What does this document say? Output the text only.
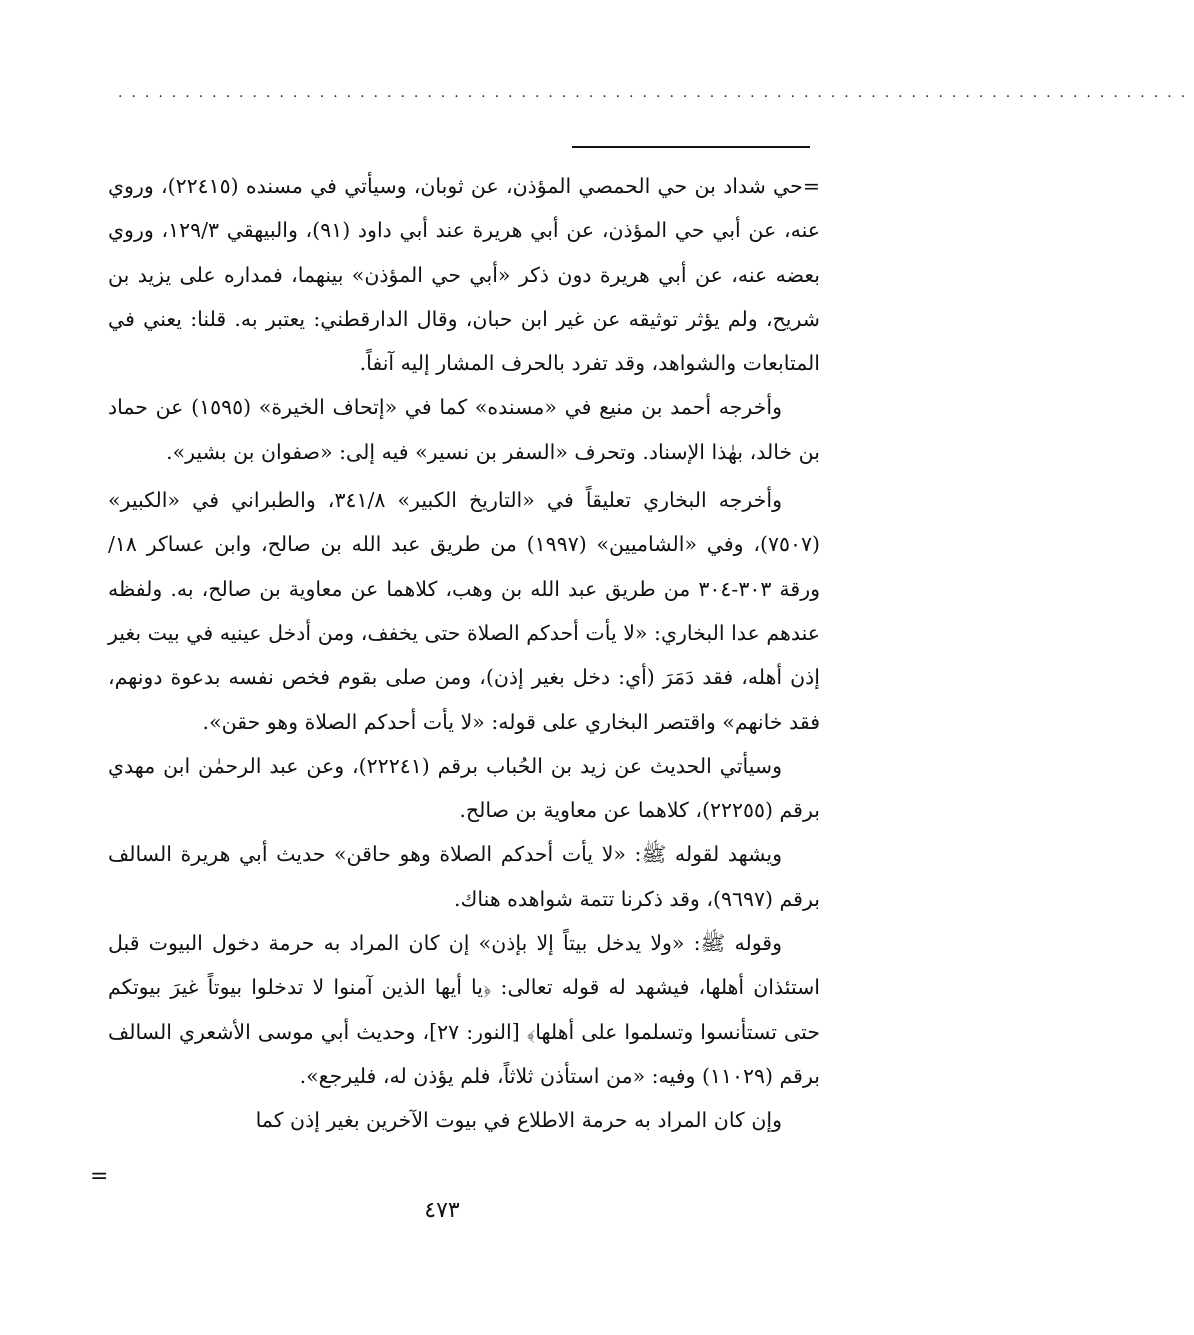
................................................................................

=حي شداد بن حي الحمصي المؤذن، عن ثوبان، وسيأتي في مسنده (٢٢٤١٥)، وروي عنه، عن أبي حي المؤذن، عن أبي هريرة عند أبي داود (٩١)، والبيهقي ١٢٩/٣، وروي بعضه عنه، عن أبي هريرة دون ذكر «أبي حي المؤذن» بينهما، فمداره على يزيد بن شريح، ولم يؤثر توثيقه عن غير ابن حبان، وقال الدارقطني: يعتبر به. قلنا: يعني في المتابعات والشواهد، وقد تفرد بالحرف المشار إليه آنفاً.

وأخرجه أحمد بن منيع في «مسنده» كما في «إتحاف الخيرة» (١٥٩٥) عن حماد بن خالد، بهٰذا الإسناد. وتحرف «السفر بن نسير» فيه إلى: «صفوان بن بشير».

وأخرجه البخاري تعليقاً في «التاريخ الكبير» ٣٤١/٨، والطبراني في «الكبير» (٧٥٠٧)، وفي «الشاميين» (١٩٩٧) من طريق عبد الله بن صالح، وابن عساكر ١٨/ورقة ٣٠٣-٣٠٤ من طريق عبد الله بن وهب، كلاهما عن معاوية بن صالح، به. ولفظه عندهم عدا البخاري: «لا يأت أحدكم الصلاة حتى يخفف، ومن أدخل عينيه في بيت بغير إذن أهله، فقد دَمَرَ (أي: دخل بغير إذن)، ومن صلى بقوم فخص نفسه بدعوة دونهم، فقد خانهم» واقتصر البخاري على قوله: «لا يأت أحدكم الصلاة وهو حقن».

وسيأتي الحديث عن زيد بن الحُباب برقم (٢٢٢٤١)، وعن عبد الرحمٰن ابن مهدي برقم (٢٢٢٥٥)، كلاهما عن معاوية بن صالح.

ويشهد لقوله ﷺ: «لا يأت أحدكم الصلاة وهو حاقن» حديث أبي هريرة السالف برقم (٩٦٩٧)، وقد ذكرنا تتمة شواهده هناك.

وقوله ﷺ: «ولا يدخل بيتاً إلا بإذن» إن كان المراد به حرمة دخول البيوت قبل استئذان أهلها، فيشهد له قوله تعالى: ﴿يا أيها الذين آمنوا لا تدخلوا بيوتاً غيرَ بيوتكم حتى تستأنسوا وتسلموا على أهلها﴾ [النور: ٢٧]، وحديث أبي موسى الأشعري السالف برقم (١١٠٢٩) وفيه: «من استأذن ثلاثاً، فلم يؤذن له، فليرجع».

وإن كان المراد به حرمة الاطلاع في بيوت الآخرين بغير إذن كما

=
٤٧٣
